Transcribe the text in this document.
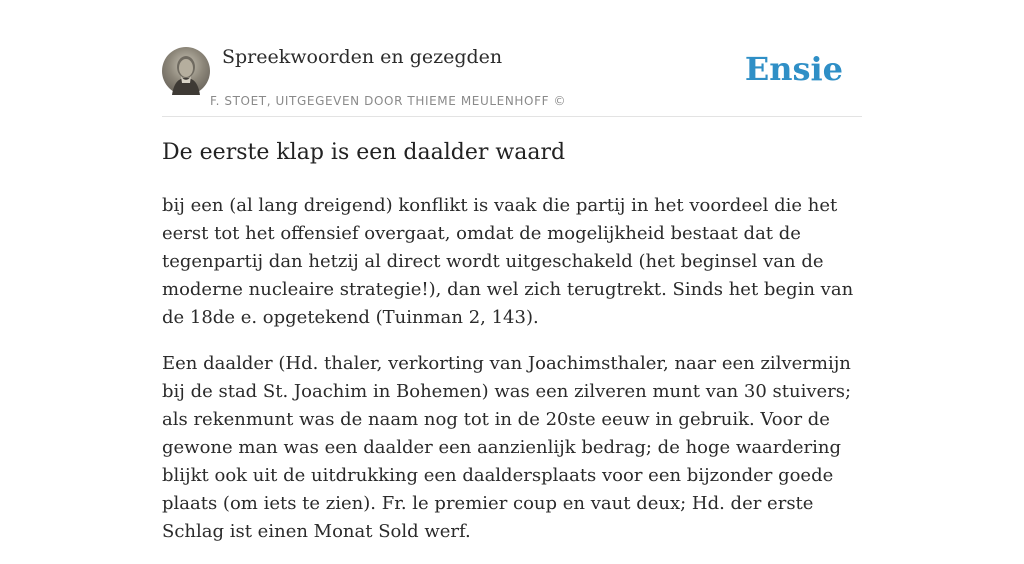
Spreekwoorden en gezegden
F. STOET, UITGEGEVEN DOOR THIEME MEULENHOFF ©
Ensie
De eerste klap is een daalder waard

bij een (al lang dreigend) konflikt is vaak die partij in het voordeel die het eerst tot het offensief overgaat, omdat de mogelijkheid bestaat dat de tegenpartij dan hetzij al direct wordt uitgeschakeld (het beginsel van de moderne nucleaire strategie!), dan wel zich terugtrekt. Sinds het begin van de 18de e. opgetekend (Tuinman 2, 143).

Een daalder (Hd. thaler, verkorting van Joachimsthaler, naar een zilvermijn bij de stad St. Joachim in Bohemen) was een zilveren munt van 30 stuivers; als rekenmunt was de naam nog tot in de 20ste eeuw in gebruik. Voor de gewone man was een daalder een aanzienlijk bedrag; de hoge waardering blijkt ook uit de uitdrukking een daaldersplaats voor een bijzonder goede plaats (om iets te zien). Fr. le premier coup en vaut deux; Hd. der erste Schlag ist einen Monat Sold werf.
